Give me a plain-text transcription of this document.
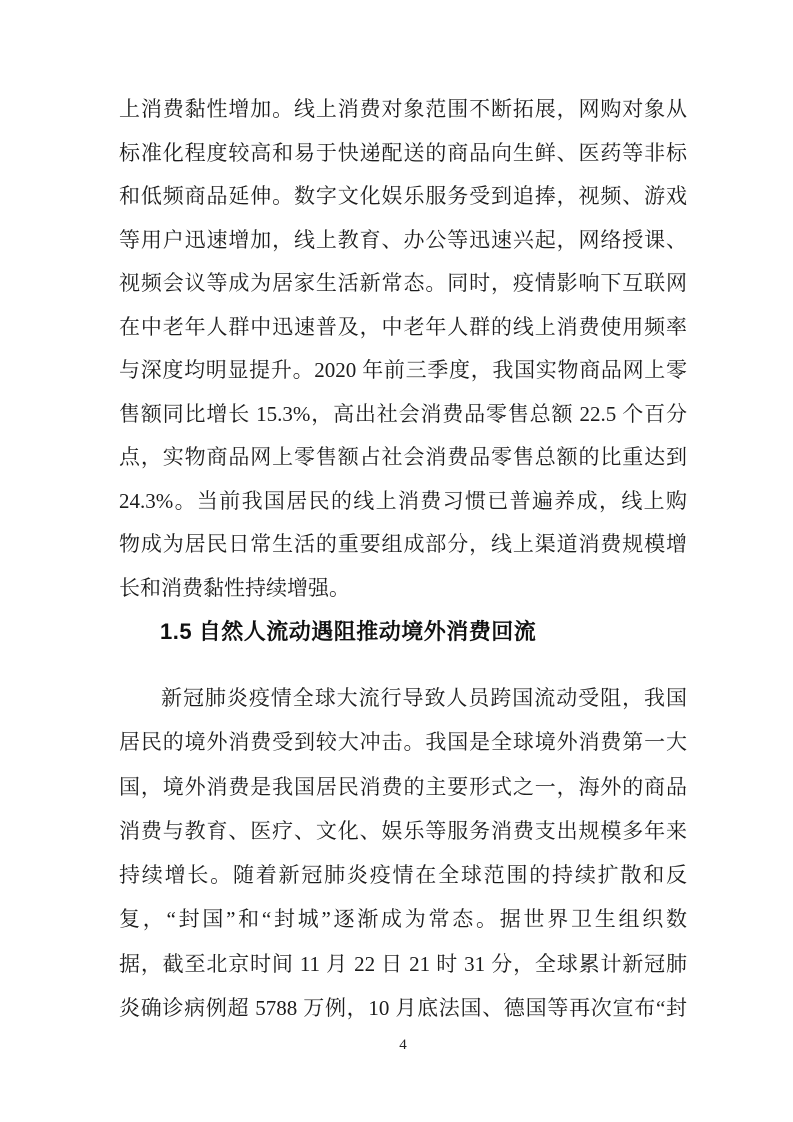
上消费黏性增加。线上消费对象范围不断拓展，网购对象从
标准化程度较高和易于快递配送的商品向生鲜、医药等非标
和低频商品延伸。数字文化娱乐服务受到追捧，视频、游戏
等用户迅速增加，线上教育、办公等迅速兴起，网络授课、
视频会议等成为居家生活新常态。同时，疫情影响下互联网
在中老年人群中迅速普及，中老年人群的线上消费使用频率
与深度均明显提升。2020 年前三季度，我国实物商品网上零
售额同比增长 15.3%，高出社会消费品零售总额 22.5 个百分
点，实物商品网上零售额占社会消费品零售总额的比重达到
24.3%。当前我国居民的线上消费习惯已普遍养成，线上购
物成为居民日常生活的重要组成部分，线上渠道消费规模增
长和消费黏性持续增强。
1.5 自然人流动遇阻推动境外消费回流
新冠肺炎疫情全球大流行导致人员跨国流动受阻，我国
居民的境外消费受到较大冲击。我国是全球境外消费第一大
国，境外消费是我国居民消费的主要形式之一，海外的商品
消费与教育、医疗、文化、娱乐等服务消费支出规模多年来
持续增长。随着新冠肺炎疫情在全球范围的持续扩散和反
复，“封国”和“封城”逐渐成为常态。据世界卫生组织数
据，截至北京时间 11 月 22 日 21 时 31 分，全球累计新冠肺
炎确诊病例超 5788 万例，10 月底法国、德国等再次宣布“封
4
